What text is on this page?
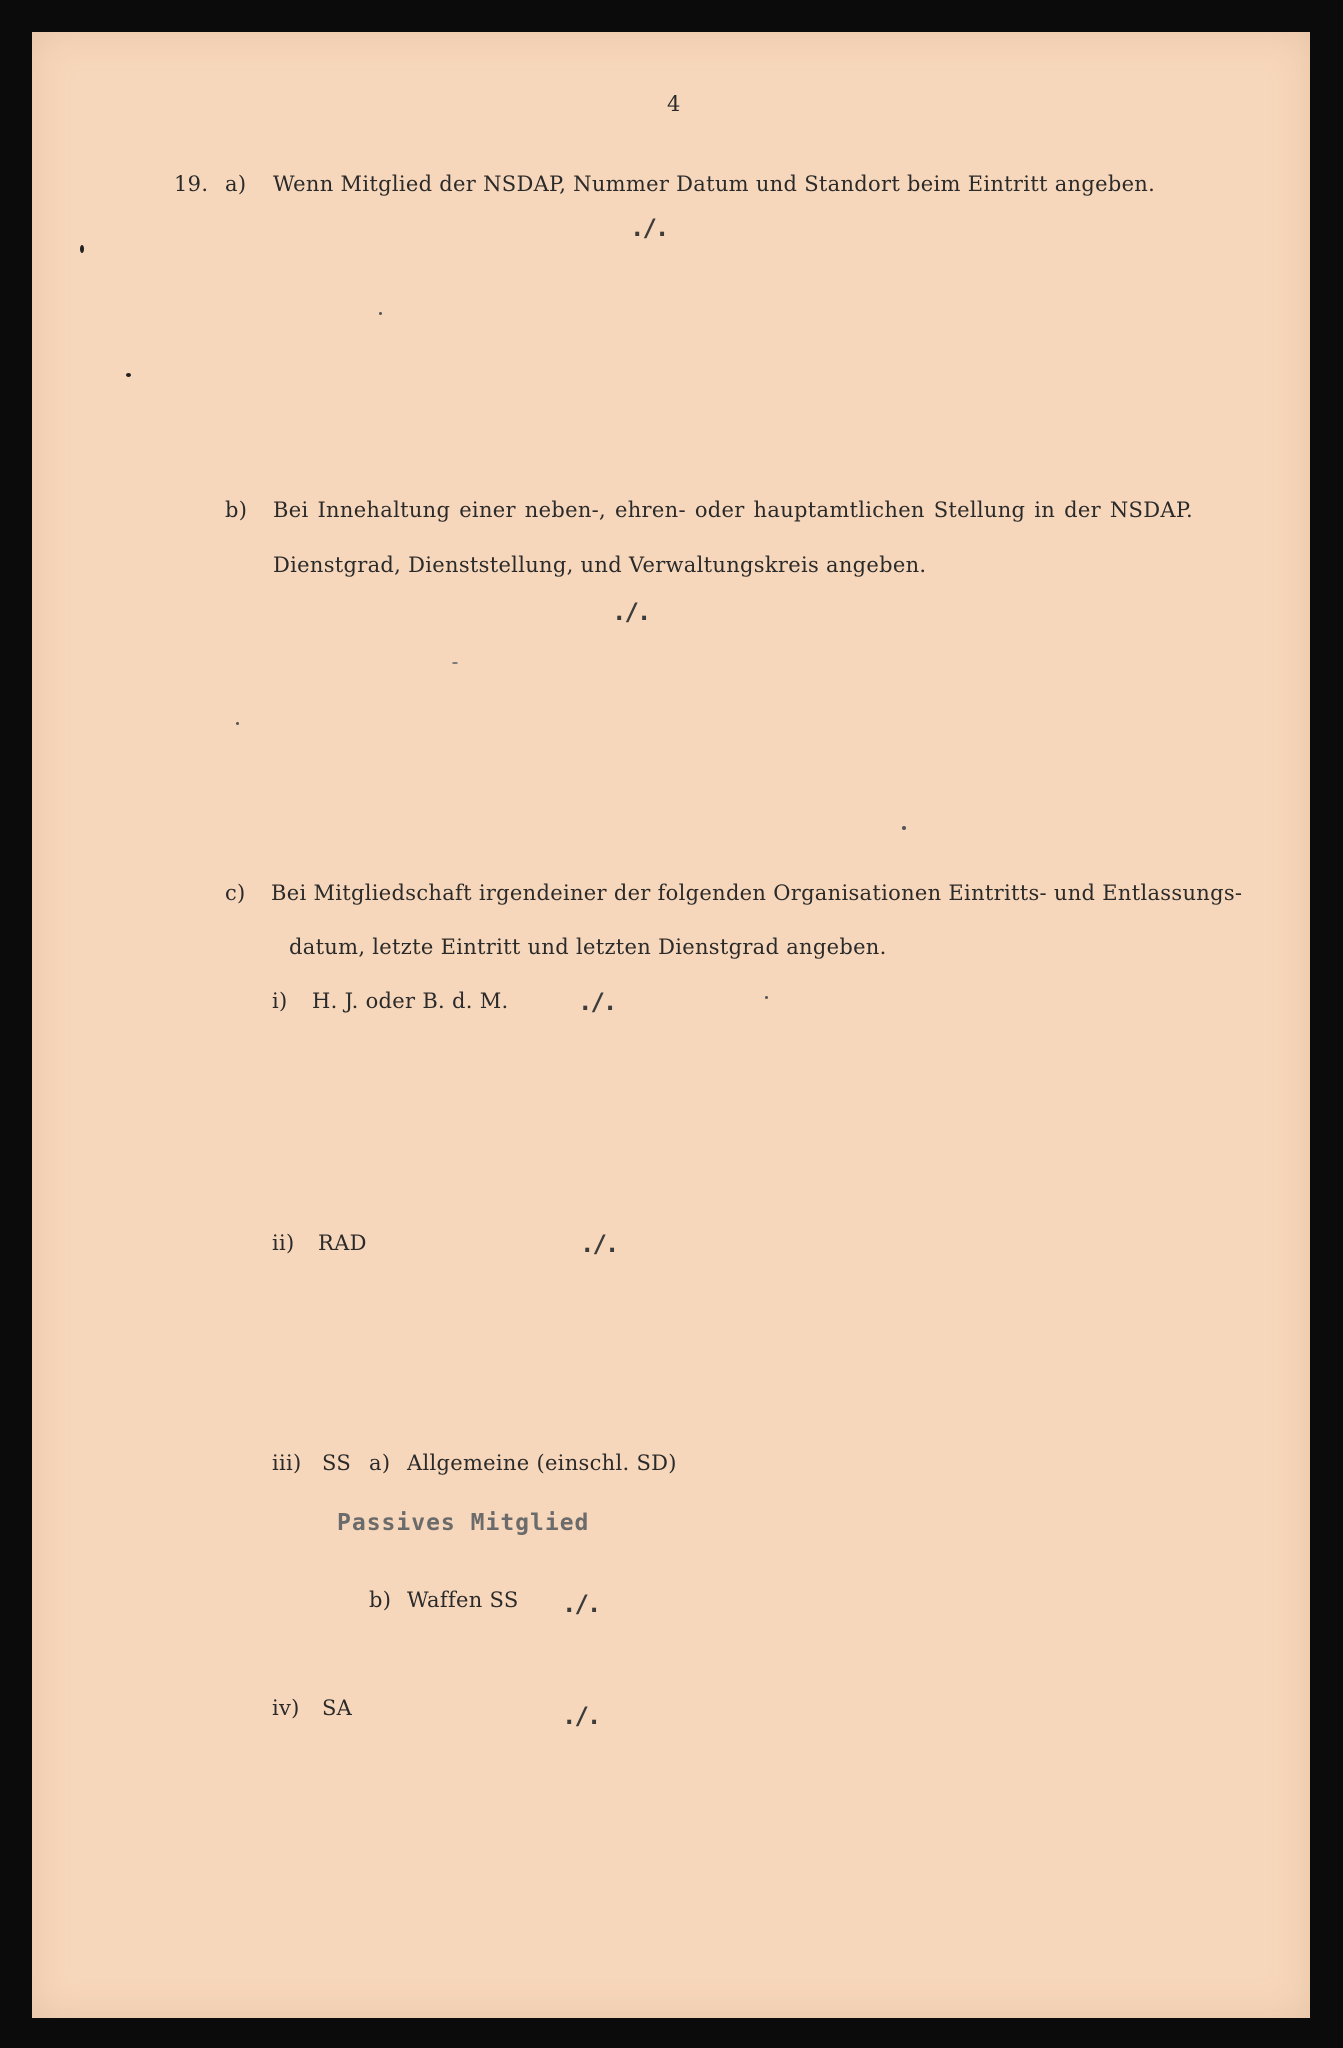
4
19. a) Wenn Mitglied der NSDAP, Nummer Datum und Standort beim Eintritt angeben.
./.
b) Bei Innehaltung einer neben-, ehren- oder hauptamtlichen Stellung in der NSDAP.
Dienstgrad, Dienststellung, und Verwaltungskreis angeben.
./.
c) Bei Mitgliedschaft irgendeiner der folgenden Organisationen Eintritts- und Entlassungs-
datum, letzte Eintritt und letzten Dienstgrad angeben.
i) H. J. oder B. d. M.	./.
ii) RAD	./.
iii) SS a) Allgemeine (einschl. SD)
Passives Mitglied
b) Waffen SS ./.
iv) SA	./.
